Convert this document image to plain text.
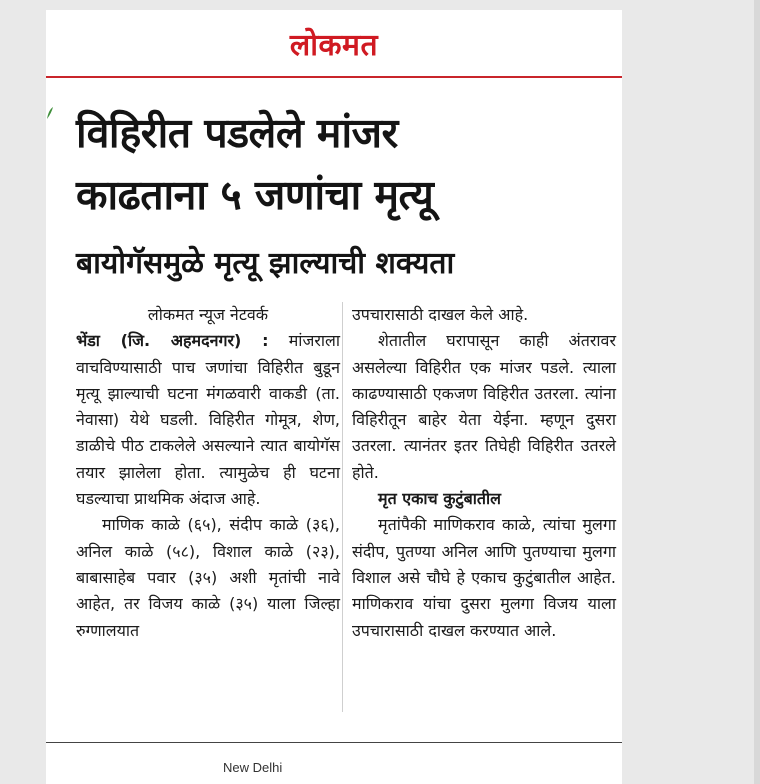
लोकमत
विहिरीत पडलेले मांजर
काढताना ५ जणांचा मृत्यू
बायोगॅसमुळे मृत्यू झाल्याची शक्यता

लोकमत न्यूज नेटवर्क

भेंडा (जि. अहमदनगर) : मांजराला वाचविण्यासाठी पाच जणांचा विहिरीत बुडून मृत्यू झाल्याची घटना मंगळवारी वाकडी (ता. नेवासा) येथे घडली. विहिरीत गोमूत्र, शेण, डाळीचे पीठ टाकलेले असल्याने त्यात बायोगॅस तयार झालेला होता. त्यामुळेच ही घटना घडल्याचा प्राथमिक अंदाज आहे.

माणिक काळे (६५), संदीप काळे (३६), अनिल काळे (५८), विशाल काळे (२३), बाबासाहेब पवार (३५) अशी मृतांची नावे आहेत, तर विजय काळे (३५) याला जिल्हा रुग्णालयात

उपचारासाठी दाखल केले आहे.

शेतातील घरापासून काही अंतरावर असलेल्या विहिरीत एक मांजर पडले. त्याला काढण्यासाठी एकजण विहिरीत उतरला. त्यांना विहिरीतून बाहेर येता येईना. म्हणून दुसरा उतरला. त्यानंतर इतर तिघेही विहिरीत उतरले होते.

मृत एकाच कुटुंबातील

मृतांपैकी माणिकराव काळे, त्यांचा मुलगा संदीप, पुतण्या अनिल आणि पुतण्याचा मुलगा विशाल असे चौघे हे एकाच कुटुंबातील आहेत. माणिकराव यांचा दुसरा मुलगा विजय याला उपचारासाठी दाखल करण्यात आले.

New Delhi
